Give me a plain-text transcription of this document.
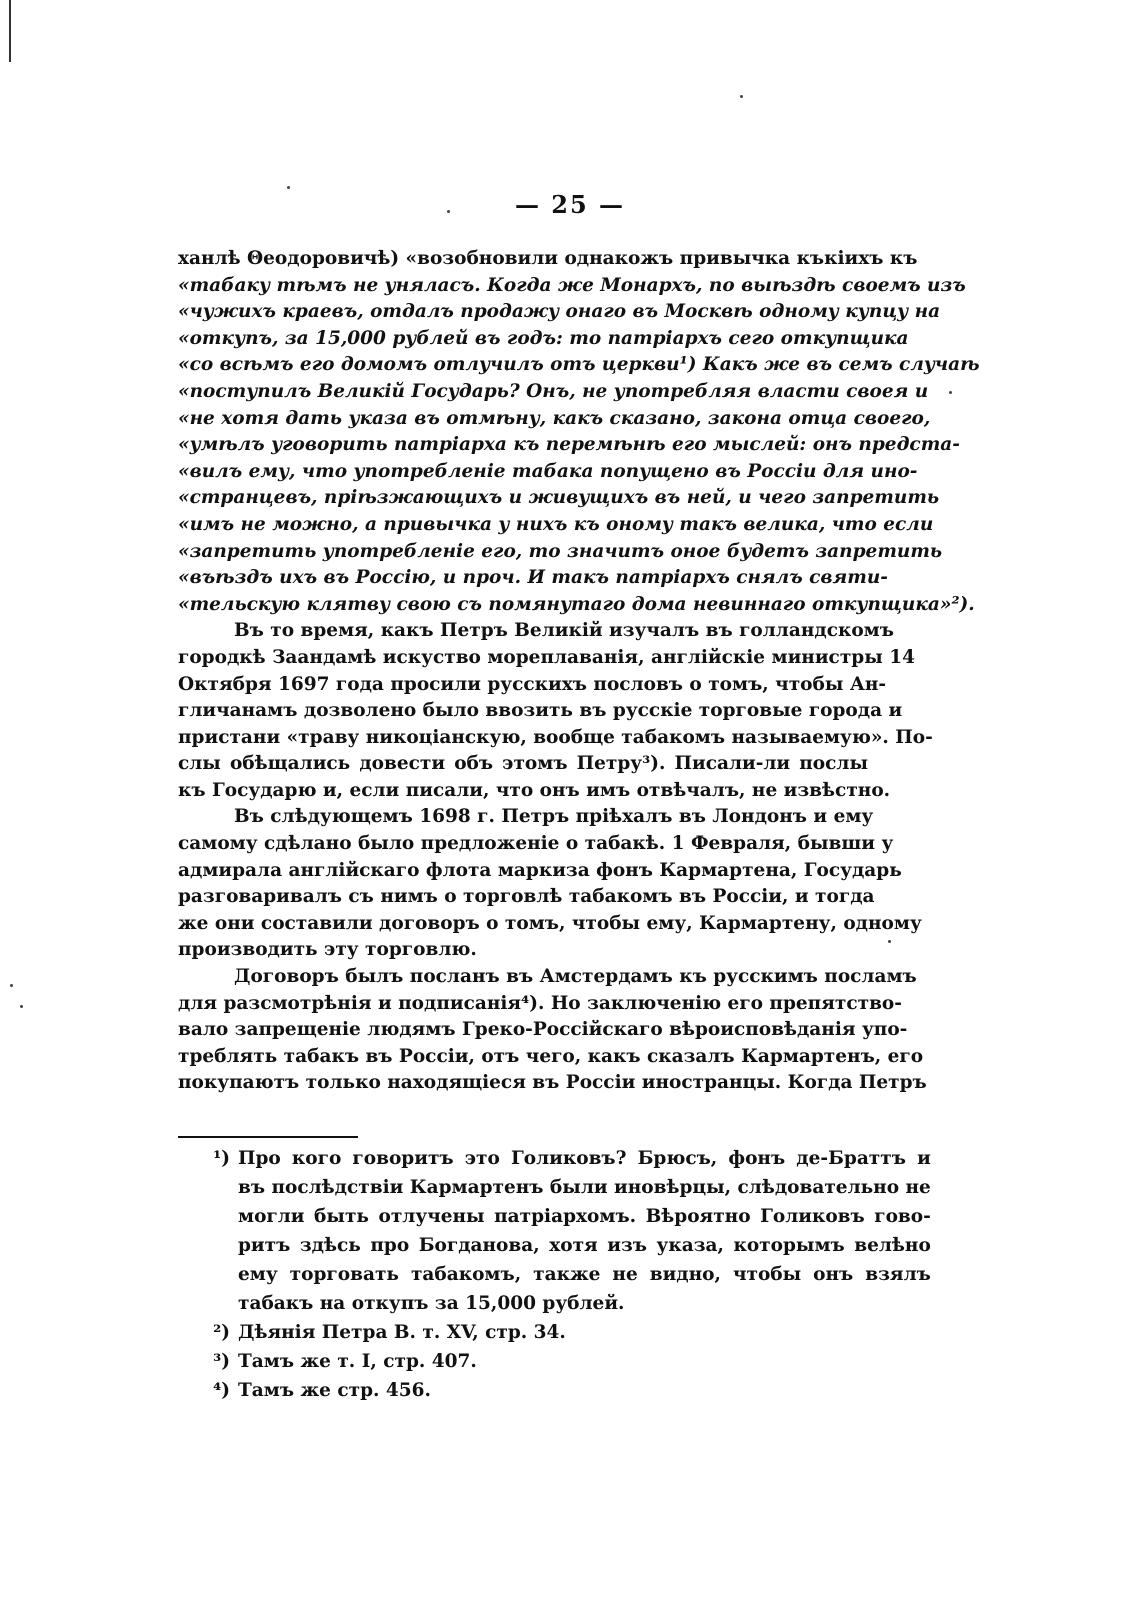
— 25 —
ханлѣ Θеодоровичѣ) «возобновили однакожъ привычка къкіихъ къ
«табаку тѣмъ не уняласъ. Когда же Монархъ, по выѣздѣ своемъ изъ
«чужихъ краевъ, отдалъ продажу онаго въ Москвѣ одному купцу на
«откупъ, за 15,000 рублей въ годъ: то патріархъ сего откупщика
«со всѣмъ его домомъ отлучилъ отъ церкви¹) Какъ же въ семъ случаѣ
«поступилъ Великій Государь? Онъ, не употребляя власти своея и
«не хотя дать указа въ отмѣну, какъ сказано, закона отца своего,
«умѣлъ уговорить патріарха къ перемѣнѣ его мыслей: онъ предста-
«вилъ ему, что употребленіе табака попущено въ Россіи для ино-
«странцевъ, пріѣзжающихъ и живущихъ въ ней, и чего запретить
«имъ не можно, а привычка у нихъ къ оному такъ велика, что если
«запретить употребленіе его, то значитъ оное будетъ запретить
«въѣздъ ихъ въ Россію, и проч. И такъ патріархъ снялъ святи-
«тельскую клятву свою съ помянутаго дома невиннаго откупщика»²).
Въ то время, какъ Петръ Великій изучалъ въ голландскомъ
городкѣ Заандамѣ искуство мореплаванія, англійскіе министры 14
Октября 1697 года просили русскихъ пословъ о томъ, чтобы Ан-
гличанамъ дозволено было ввозить въ русскіе торговые города и
пристани «траву никоціанскую, вообще табакомъ называемую». По-
слы обѣщались довести объ этомъ Петру³). Писали-ли послы
къ Государю и, если писали, что онъ имъ отвѣчалъ, не извѣстно.
Въ слѣдующемъ 1698 г. Петръ пріѣхалъ въ Лондонъ и ему
самому сдѣлано было предложеніе о табакѣ. 1 Февраля, бывши у
адмирала англійскаго флота маркиза фонъ Кармартена, Государь
разговаривалъ съ нимъ о торговлѣ табакомъ въ Россіи, и тогда
же они составили договоръ о томъ, чтобы ему, Кармартену, одному
производить эту торговлю.
Договоръ былъ посланъ въ Амстердамъ къ русскимъ посламъ
для разсмотрѣнія и подписанія⁴). Но заключенію его препятство-
вало запрещеніе людямъ Греко-Россійскаго вѣроисповѣданія упо-
треблять табакъ въ Россіи, отъ чего, какъ сказалъ Кармартенъ, его
покупаютъ только находящіеся въ Россіи иностранцы. Когда Петръ
¹) Про кого говоритъ это Голиковъ? Брюсъ, фонъ де-Браттъ и
въ послѣдствіи Кармартенъ были иновѣрцы, слѣдовательно не
могли быть отлучены патріархомъ. Вѣроятно Голиковъ гово-
ритъ здѣсь про Богданова, хотя изъ указа, которымъ велѣно
ему торговать табакомъ, также не видно, чтобы онъ взялъ
табакъ на откупъ за 15,000 рублей.
²) Дѣянія Петра В. т. XV, стр. 34.
³) Тамъ же т. I, стр. 407.
⁴) Тамъ же стр. 456.
